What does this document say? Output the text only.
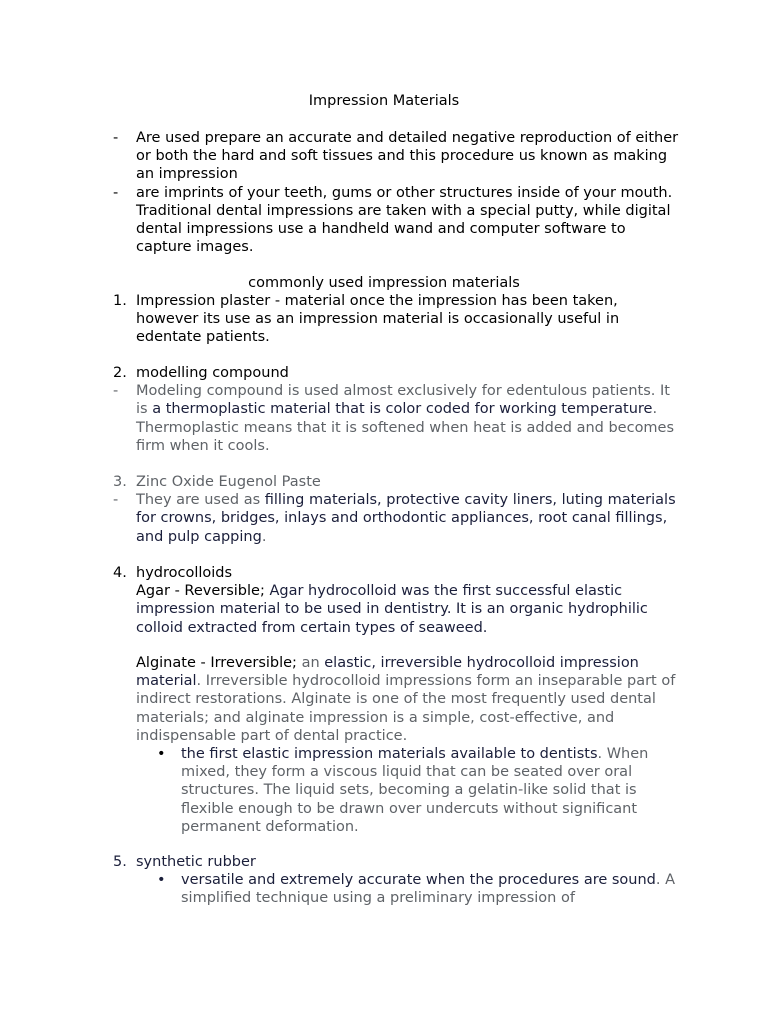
Impression Materials
- Are used prepare an accurate and detailed negative reproduction of either or both the hard and soft tissues and this procedure us known as making an impression
- are imprints of your teeth, gums or other structures inside of your mouth. Traditional dental impressions are taken with a special putty, while digital dental impressions use a handheld wand and computer software to capture images.
commonly used impression materials
1. Impression plaster - material once the impression has been taken, however its use as an impression material is occasionally useful in edentate patients.
2. modelling compound
- Modeling compound is used almost exclusively for edentulous patients. It is a thermoplastic material that is color coded for working temperature. Thermoplastic means that it is softened when heat is added and becomes firm when it cools.
3. Zinc Oxide Eugenol Paste
- They are used as filling materials, protective cavity liners, luting materials for crowns, bridges, inlays and orthodontic appliances, root canal fillings, and pulp capping.
4. hydrocolloids
Agar - Reversible; Agar hydrocolloid was the first successful elastic impression material to be used in dentistry. It is an organic hydrophilic colloid extracted from certain types of seaweed.
Alginate - Irreversible; an elastic, irreversible hydrocolloid impression material. Irreversible hydrocolloid impressions form an inseparable part of indirect restorations. Alginate is one of the most frequently used dental materials; and alginate impression is a simple, cost-effective, and indispensable part of dental practice.
• the first elastic impression materials available to dentists. When mixed, they form a viscous liquid that can be seated over oral structures. The liquid sets, becoming a gelatin-like solid that is flexible enough to be drawn over undercuts without significant permanent deformation.
5. synthetic rubber
• versatile and extremely accurate when the procedures are sound. A simplified technique using a preliminary impression of
